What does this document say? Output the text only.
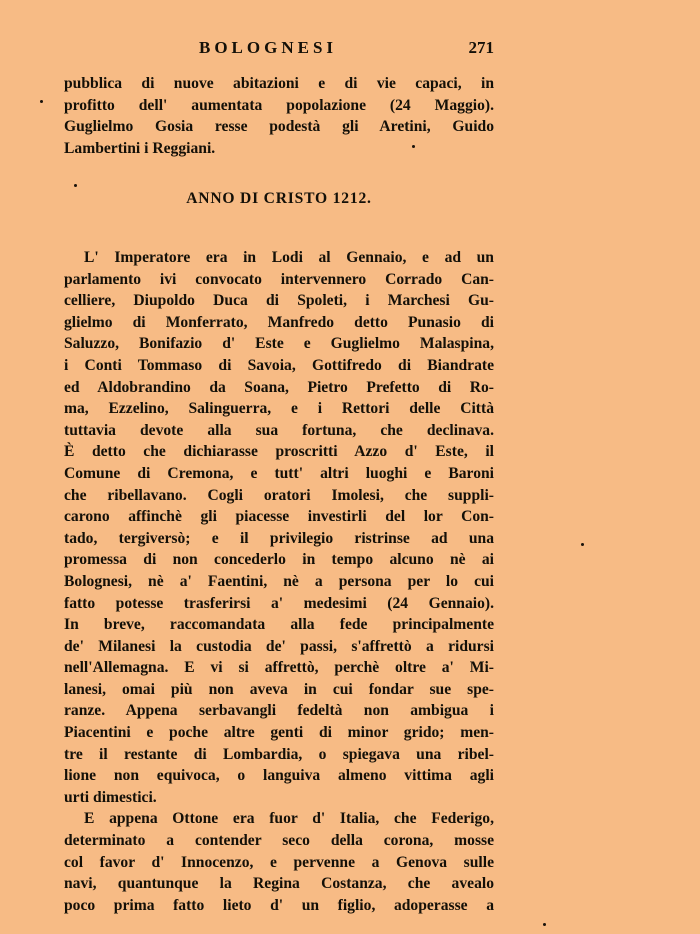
BOLOGNESI	271
pubblica di nuove abitazioni e di vie capaci, in
profitto dell' aumentata popolazione (24 Maggio).
Guglielmo Gosia resse podestà gli Aretini, Guido
Lambertini i Reggiani.
ANNO DI CRISTO 1212.
L' Imperatore era in Lodi al Gennaio, e ad un
parlamento ivi convocato intervennero Corrado Can-
celliere, Diupoldo Duca di Spoleti, i Marchesi Gu-
glielmo di Monferrato, Manfredo detto Punasio di
Saluzzo, Bonifazio d' Este e Guglielmo Malaspina,
i Conti Tommaso di Savoia, Gottifredo di Biandrate
ed Aldobrandino da Soana, Pietro Prefetto di Ro-
ma, Ezzelino, Salinguerra, e i Rettori delle Città
tuttavia devote alla sua fortuna, che declinava.
È detto che dichiarasse proscritti Azzo d' Este, il
Comune di Cremona, e tutt' altri luoghi e Baroni
che ribellavano. Cogli oratori Imolesi, che suppli-
carono affinchè gli piacesse investirli del lor Con-
tado, tergiversò; e il privilegio ristrinse ad una
promessa di non concederlo in tempo alcuno nè ai
Bolognesi, nè a' Faentini, nè a persona per lo cui
fatto potesse trasferirsi a' medesimi (24 Gennaio).
In breve, raccomandata alla fede principalmente
de' Milanesi la custodia de' passi, s'affrettò a ridursi
nell'Allemagna. E vi si affrettò, perchè oltre a' Mi-
lanesi, omai più non aveva in cui fondar sue spe-
ranze. Appena serbavangli fedeltà non ambigua i
Piacentini e poche altre genti di minor grido; men-
tre il restante di Lombardia, o spiegava una ribel-
lione non equivoca, o languiva almeno vittima agli
urti dimestici.
E appena Ottone era fuor d' Italia, che Federigo,
determinato a contender seco della corona, mosse
col favor d' Innocenzo, e pervenne a Genova sulle
navi, quantunque la Regina Costanza, che avealo
poco prima fatto lieto d' un figlio, adoperasse a
